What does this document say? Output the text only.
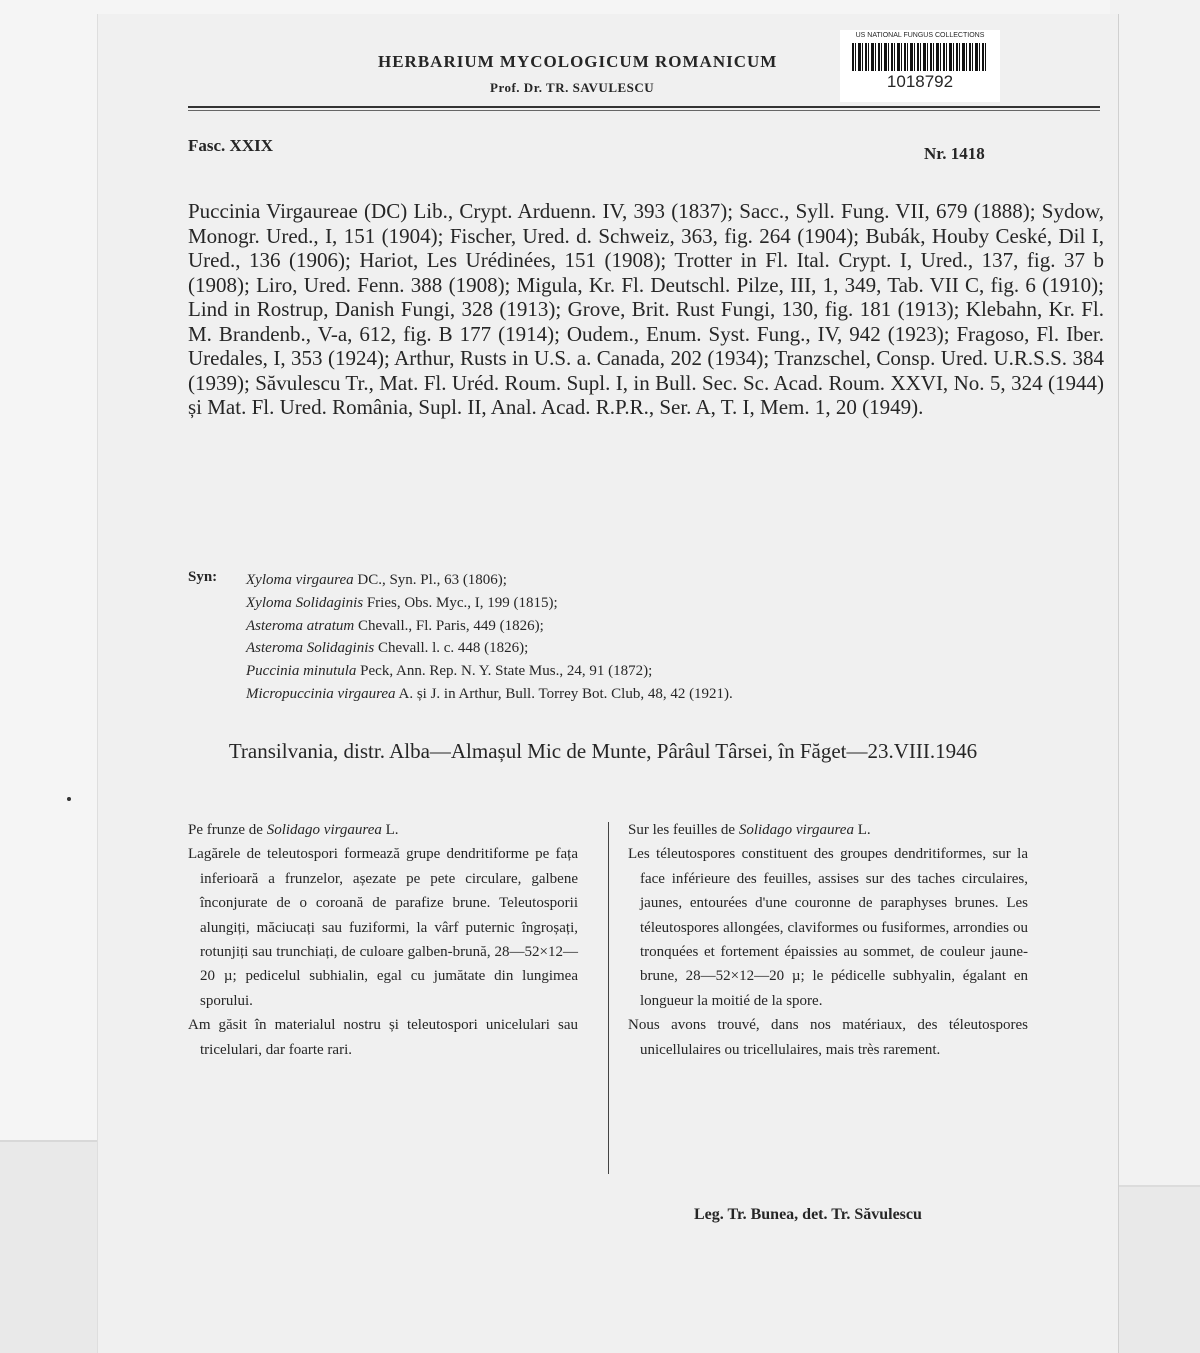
HERBARIUM MYCOLOGICUM ROMANICUM
Prof. Dr. TR. SAVULESCU
US NATIONAL FUNGUS COLLECTIONS
1018792
Fasc. XXIX	Nr. 1418
Puccinia Virgaureae (DC) Lib., Crypt. Arduenn. IV, 393 (1837); Sacc., Syll. Fung. VII, 679 (1888); Sydow, Monogr. Ured., I, 151 (1904); Fischer, Ured. d. Schweiz, 363, fig. 264 (1904); Bubák, Houby Ceské, Dil I, Ured., 136 (1906); Hariot, Les Urédinées, 151 (1908); Trotter in Fl. Ital. Crypt. I, Ured., 137, fig. 37 b (1908); Liro, Ured. Fenn. 388 (1908); Migula, Kr. Fl. Deutschl. Pilze, III, 1, 349, Tab. VII C, fig. 6 (1910); Lind in Rostrup, Danish Fungi, 328 (1913); Grove, Brit. Rust Fungi, 130, fig. 181 (1913); Klebahn, Kr. Fl. M. Brandenb., V-a, 612, fig. B 177 (1914); Oudem., Enum. Syst. Fung., IV, 942 (1923); Fragoso, Fl. Iber. Uredales, I, 353 (1924); Arthur, Rusts in U.S. a. Canada, 202 (1934); Tranzschel, Consp. Ured. U.R.S.S. 384 (1939); Săvulescu Tr., Mat. Fl. Uréd. Roum. Supl. I, in Bull. Sec. Sc. Acad. Roum. XXVI, No. 5, 324 (1944) și Mat. Fl. Ured. România, Supl. II, Anal. Acad. R.P.R., Ser. A, T. I, Mem. 1, 20 (1949).
Syn: Xyloma virgaurea DC., Syn. Pl., 63 (1806);
Xyloma Solidaginis Fries, Obs. Myc., I, 199 (1815);
Asteroma atratum Chevall., Fl. Paris, 449 (1826);
Asteroma Solidaginis Chevall. l. c. 448 (1826);
Puccinia minutula Peck, Ann. Rep. N. Y. State Mus., 24, 91 (1872);
Micropuccinia virgaurea A. și J. in Arthur, Bull. Torrey Bot. Club, 48, 42 (1921).
Transilvania, distr. Alba—Almașul Mic de Munte, Pârâul Târsei, în Făget—23.VIII.1946

Pe frunze de Solidago virgaurea L.

Lagărele de teleutospori formează grupe dendritiforme pe fața inferioară a frunzelor, așezate pe pete circulare, galbene înconjurate de o coroană de parafize brune. Teleutosporii alungiți, măciucați sau fuziformi, la vârf puternic îngroșați, rotunjiți sau trunchiați, de culoare galben-brună, 28—52×12—20 µ; pedicelul subhialin, egal cu jumătate din lungimea sporului.

Am găsit în materialul nostru și teleutospori unicelulari sau tricelulari, dar foarte rari.

Sur les feuilles de Solidago virgaurea L.

Les téleutospores constituent des groupes dendritiformes, sur la face inférieure des feuilles, assises sur des taches circulaires, jaunes, entourées d'une couronne de paraphyses brunes. Les téleutospores allongées, claviformes ou fusiformes, arrondies ou tronquées et fortement épaissies au sommet, de couleur jaune-brune, 28—52×12—20 µ; le pédicelle subhyalin, égalant en longueur la moitié de la spore.

Nous avons trouvé, dans nos matériaux, des téleutospores unicellulaires ou tricellulaires, mais très rarement.

Leg. Tr. Bunea, det. Tr. Săvulescu
